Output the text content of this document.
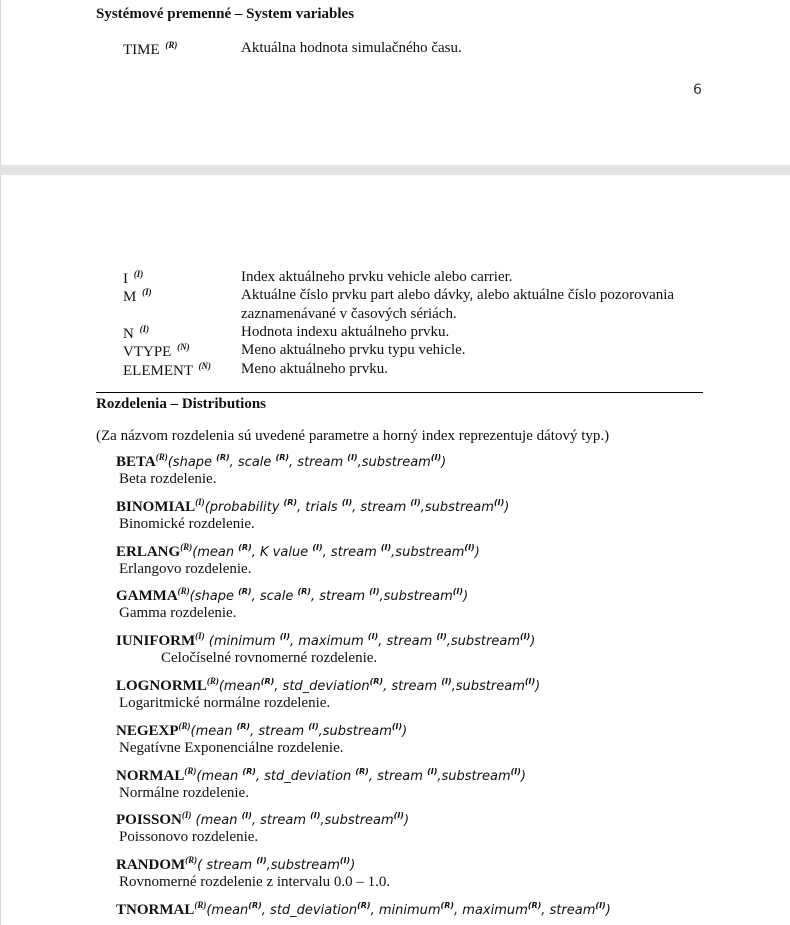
Systémové premenné – System variables
TIME $^{(R)}$	Aktuálna hodnota simulačného času.
6
I $^{(I)}$	Index aktuálneho prvku vehicle alebo carrier.
M $^{(I)}$	Aktuálne číslo prvku part alebo dávky, alebo aktuálne číslo pozorovania
zaznamenávané v časových sériách.
N $^{(I)}$	Hodnota indexu aktuálneho prvku.
VTYPE $^{(N)}$	Meno aktuálneho prvku typu vehicle.
ELEMENT $^{(N)}$ Meno aktuálneho prvku.
Rozdelenia – Distributions
(Za názvom rozdelenia sú uvedené parametre a horný index reprezentuje dátový typ.)
$BETA^{(R)}(shape$ $^{(R)}$, scale $^{(R)}$, stream $^{(I)}$,substream$^{(I)}$)
Beta rozdelenie.
$BINOMIAL^{(I)}(probability$ $^{(R)}$, trials $^{(I)}$, stream $^{(I)}$,substream$^{(I)}$)
Binomické rozdelenie.
$ERLANG^{(R)}(mean$ $^{(R)}$, K value $^{(I)}$, stream $^{(I)}$,substream$^{(I)}$)
Erlangovo rozdelenie.
$GAMMA^{(R)}(shape$ $^{(R)}$, scale $^{(R)}$, stream $^{(I)}$,substream$^{(I)}$)
Gamma rozdelenie.
$IUNIFORM^{(I)}$ (minimum $^{(I)}$, maximum $^{(I)}$, stream $^{(I)}$,substream$^{(I)}$)
Celočíselné rovnomerné rozdelenie.
$LOGNORML^{(R)}(mean^{(R)}$, std_deviation$^{(R)}$, stream $^{(I)}$,substream$^{(I)}$)
Logaritmické normálne rozdelenie.
$NEGEXP^{(R)}(mean$ $^{(R)}$, stream $^{(I)}$,substream$^{(I)}$)
Negatívne Exponenciálne rozdelenie.
$NORMAL^{(R)}(mean$ $^{(R)}$, std_deviation $^{(R)}$, stream $^{(I)}$,substream$^{(I)}$)
Normálne rozdelenie.
$POISSON^{(I)}$ (mean $^{(I)}$, stream $^{(I)}$,substream$^{(I)}$)
Poissonovo rozdelenie.
$RANDOM^{(R)}$( stream $^{(I)}$,substream$^{(I)}$)
Rovnomerné rozdelenie z intervalu 0.0 – 1.0.
$TNORMAL^{(R)}(mean^{(R)}$, std_deviation$^{(R)}$, minimum$^{(R)}$, maximum$^{(R)}$, stream$^{(I)}$)
